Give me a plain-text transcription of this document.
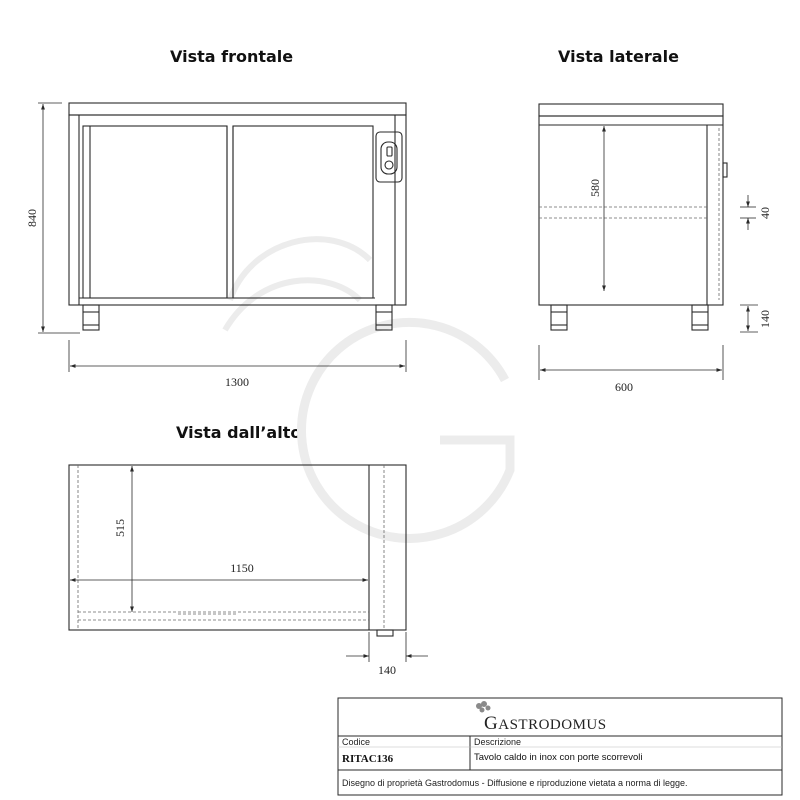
Vista frontale	Vista laterale
Vista dall’alto
840
1300
580
40
140
600
515
1150
140
GASTRODOMUS
Codice
RITAC136
Descrizione
Tavolo caldo in inox con porte scorrevoli
Disegno di proprietà Gastrodomus - Diffusione e riproduzione vietata a norma di legge.
